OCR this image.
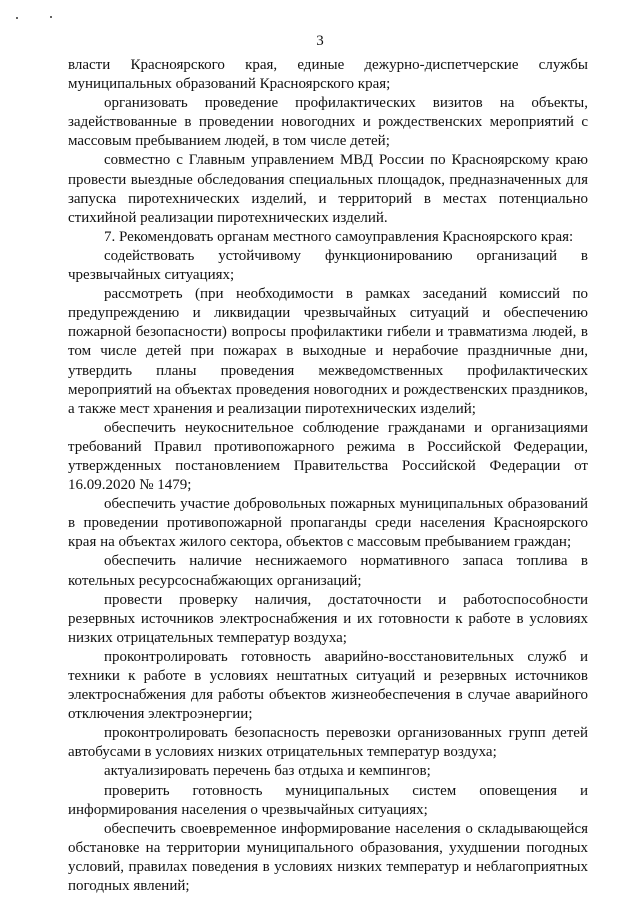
3

власти Красноярского края, единые дежурно-диспетчерские службы муниципальных образований Красноярского края;

организовать проведение профилактических визитов на объекты, задействованные в проведении новогодних и рождественских мероприятий с массовым пребыванием людей, в том числе детей;

совместно с Главным управлением МВД России по Красноярскому краю провести выездные обследования специальных площадок, предназначенных для запуска пиротехнических изделий, и территорий в местах потенциально стихийной реализации пиротехнических изделий.

7. Рекомендовать органам местного самоуправления Красноярского края:

содействовать устойчивому функционированию организаций в чрезвычайных ситуациях;

рассмотреть (при необходимости в рамках заседаний комиссий по предупреждению и ликвидации чрезвычайных ситуаций и обеспечению пожарной безопасности) вопросы профилактики гибели и травматизма людей, в том числе детей при пожарах в выходные и нерабочие праздничные дни, утвердить планы проведения межведомственных профилактических мероприятий на объектах проведения новогодних и рождественских праздников, а также мест хранения и реализации пиротехнических изделий;

обеспечить неукоснительное соблюдение гражданами и организациями требований Правил противопожарного режима в Российской Федерации, утвержденных постановлением Правительства Российской Федерации от 16.09.2020 № 1479;

обеспечить участие добровольных пожарных муниципальных образований в проведении противопожарной пропаганды среди населения Красноярского края на объектах жилого сектора, объектов с массовым пребыванием граждан;

обеспечить наличие неснижаемого нормативного запаса топлива в котельных ресурсоснабжающих организаций;

провести проверку наличия, достаточности и работоспособности резервных источников электроснабжения и их готовности к работе в условиях низких отрицательных температур воздуха;

проконтролировать готовность аварийно-восстановительных служб и техники к работе в условиях нештатных ситуаций и резервных источников электроснабжения для работы объектов жизнеобеспечения в случае аварийного отключения электроэнергии;

проконтролировать безопасность перевозки организованных групп детей автобусами в условиях низких отрицательных температур воздуха;

актуализировать перечень баз отдыха и кемпингов;

проверить готовность муниципальных систем оповещения и информирования населения о чрезвычайных ситуациях;

обеспечить своевременное информирование населения о складывающейся обстановке на территории муниципального образования, ухудшении погодных условий, правилах поведения в условиях низких температур и неблагоприятных погодных явлений;
